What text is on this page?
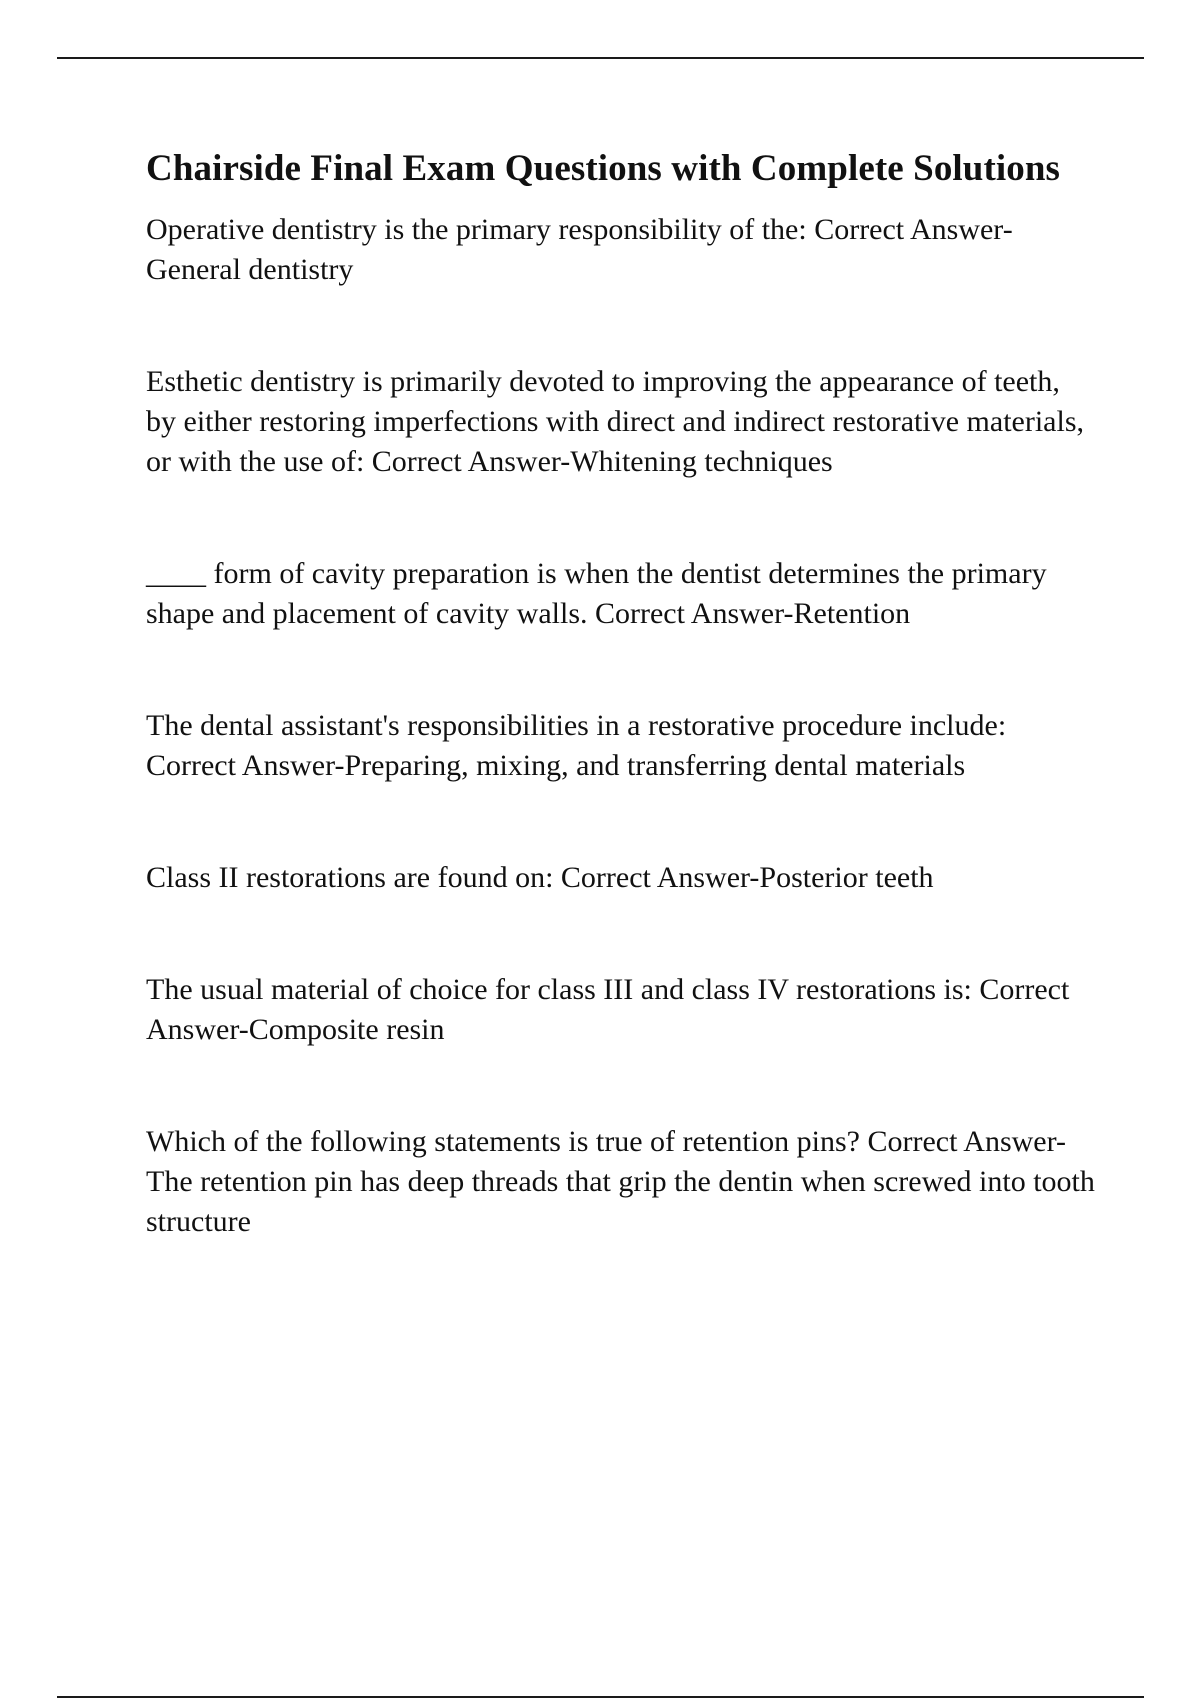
Chairside Final Exam Questions with Complete Solutions

Operative dentistry is the primary responsibility of the: Correct Answer-General dentistry

Esthetic dentistry is primarily devoted to improving the appearance of teeth, by either restoring imperfections with direct and indirect restorative materials, or with the use of: Correct Answer-Whitening techniques

____ form of cavity preparation is when the dentist determines the primary shape and placement of cavity walls. Correct Answer-Retention

The dental assistant's responsibilities in a restorative procedure include: Correct Answer-Preparing, mixing, and transferring dental materials

Class II restorations are found on: Correct Answer-Posterior teeth

The usual material of choice for class III and class IV restorations is: Correct Answer-Composite resin

Which of the following statements is true of retention pins? Correct Answer-The retention pin has deep threads that grip the dentin when screwed into tooth structure
